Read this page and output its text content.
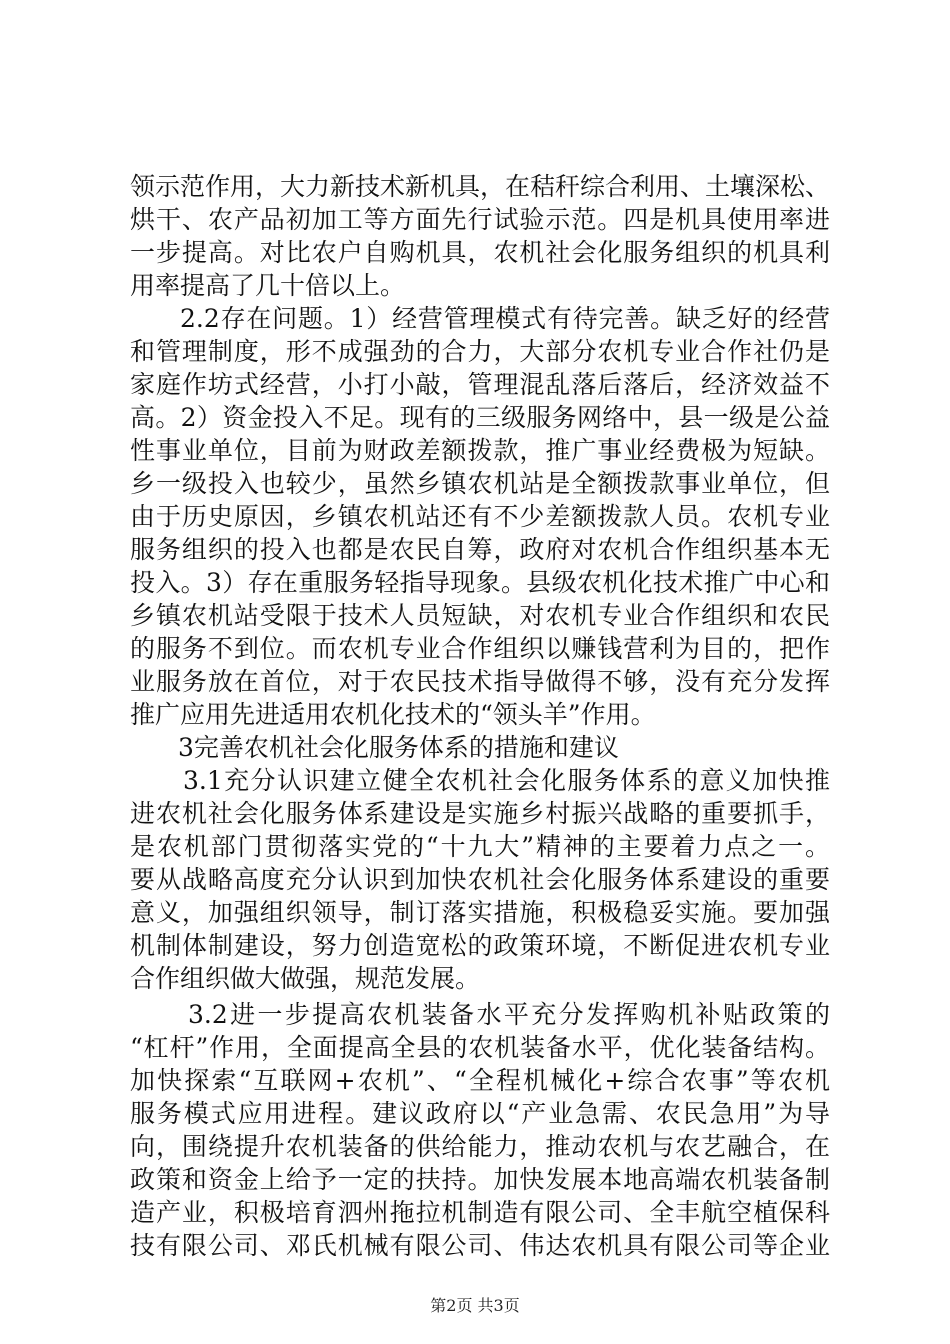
领示范作用，大力新技术新机具，在秸秆综合利用、土壤深松、
烘干、农产品初加工等方面先行试验示范。四是机具使用率进
一步提高。对比农户自购机具，农机社会化服务组织的机具利
用率提高了几十倍以上。
2.2存在问题。1）经营管理模式有待完善。缺乏好的经营
和管理制度，形不成强劲的合力，大部分农机专业合作社仍是
家庭作坊式经营，小打小敲，管理混乱落后落后，经济效益不
高。2）资金投入不足。现有的三级服务网络中，县一级是公益
性事业单位，目前为财政差额拨款，推广事业经费极为短缺。
乡一级投入也较少，虽然乡镇农机站是全额拨款事业单位，但
由于历史原因，乡镇农机站还有不少差额拨款人员。农机专业
服务组织的投入也都是农民自筹，政府对农机合作组织基本无
投入。3）存在重服务轻指导现象。县级农机化技术推广中心和
乡镇农机站受限于技术人员短缺，对农机专业合作组织和农民
的服务不到位。而农机专业合作组织以赚钱营利为目的，把作
业服务放在首位，对于农民技术指导做得不够，没有充分发挥
推广应用先进适用农机化技术的“领头羊”作用。
3完善农机社会化服务体系的措施和建议
3.1充分认识建立健全农机社会化服务体系的意义加快推
进农机社会化服务体系建设是实施乡村振兴战略的重要抓手，
是农机部门贯彻落实党的“十九大”精神的主要着力点之一。
要从战略高度充分认识到加快农机社会化服务体系建设的重要
意义，加强组织领导，制订落实措施，积极稳妥实施。要加强
机制体制建设，努力创造宽松的政策环境，不断促进农机专业
合作组织做大做强，规范发展。
3.2进一步提高农机装备水平充分发挥购机补贴政策的
“杠杆”作用，全面提高全县的农机装备水平，优化装备结构。
加快探索“互联网+农机”、“全程机械化+综合农事”等农机
服务模式应用进程。建议政府以“产业急需、农民急用”为导
向，围绕提升农机装备的供给能力，推动农机与农艺融合，在
政策和资金上给予一定的扶持。加快发展本地高端农机装备制
造产业，积极培育泗州拖拉机制造有限公司、全丰航空植保科
技有限公司、邓氏机械有限公司、伟达农机具有限公司等企业
第2页 共3页
